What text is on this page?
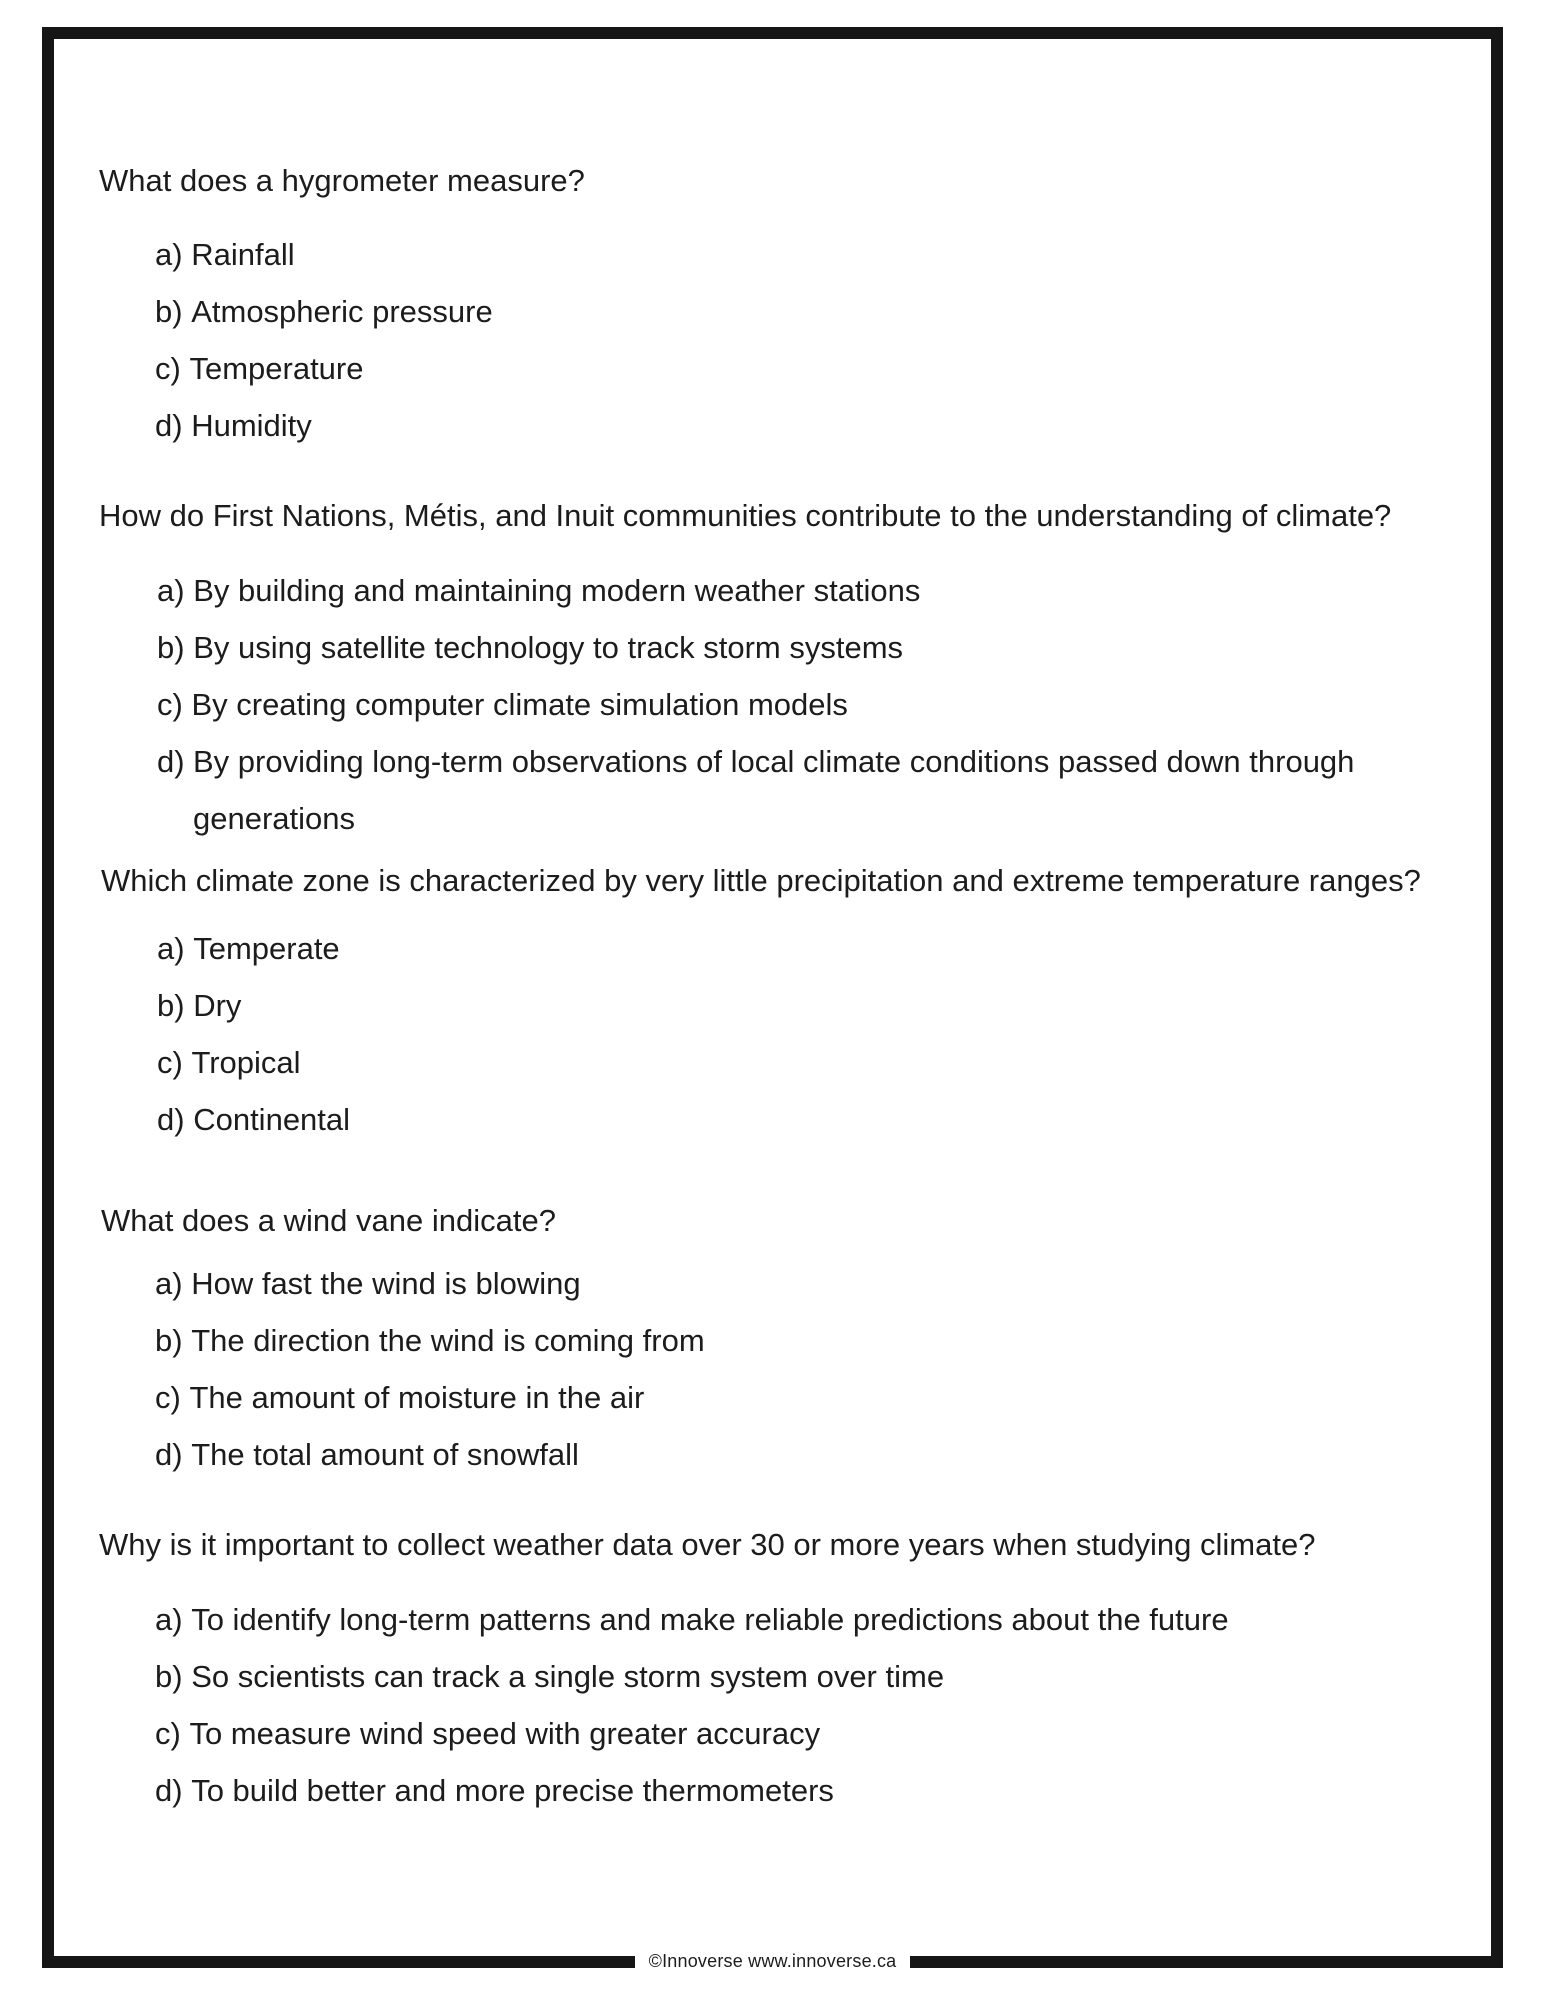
What does a hygrometer measure?
a) Rainfall
b) Atmospheric pressure
c) Temperature
d) Humidity
How do First Nations, Métis, and Inuit communities contribute to the understanding of climate?
a) By building and maintaining modern weather stations
b) By using satellite technology to track storm systems
c) By creating computer climate simulation models
d) By providing long-term observations of local climate conditions passed down through generations
Which climate zone is characterized by very little precipitation and extreme temperature ranges?
a) Temperate
b) Dry
c) Tropical
d) Continental
What does a wind vane indicate?
a) How fast the wind is blowing
b) The direction the wind is coming from
c) The amount of moisture in the air
d) The total amount of snowfall
Why is it important to collect weather data over 30 or more years when studying climate?
a) To identify long-term patterns and make reliable predictions about the future
b) So scientists can track a single storm system over time
c) To measure wind speed with greater accuracy
d) To build better and more precise thermometers
©Innoverse www.innoverse.ca
